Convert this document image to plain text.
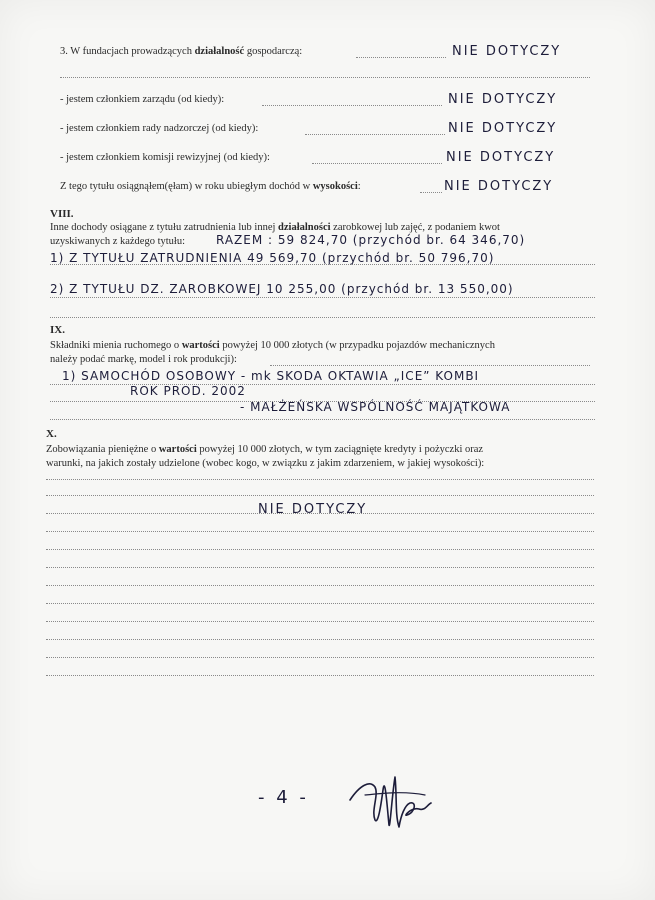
3. W fundacjach prowadzących działalność gospodarczą:	NIE DOTYCZY
- jestem członkiem zarządu (od kiedy):	NIE DOTYCZY
- jestem członkiem rady nadzorczej (od kiedy):	NIE DOTYCZY
- jestem członkiem komisji rewizyjnej (od kiedy):	NIE DOTYCZY
Z tego tytułu osiągnąłem(ęłam) w roku ubiegłym dochód w wysokości:	NIE DOTYCZY
VIII.
Inne dochody osiągane z tytułu zatrudnienia lub innej działalności zarobkowej lub zajęć, z podaniem kwot
uzyskiwanych z każdego tytułu:	RAZEM : 59 824,70 (przychód br. 64 346,70)
1) Z TYTUŁU ZATRUDNIENIA 49 569,70 (przychód br. 50 796,70)
2) Z TYTUŁU DZ. ZAROBKOWEJ 10 255,00 (przychód br. 13 550,00)
IX.
Składniki mienia ruchomego o wartości powyżej 10 000 złotych (w przypadku pojazdów mechanicznych
należy podać markę, model i rok produkcji):
1) SAMOCHÓD OSOBOWY - mk SKODA OKTAWIA „ICE” KOMBI
ROK PROD. 2002
- MAŁŻEŃSKA WSPÓLNOŚĆ MAJĄTKOWA
X.
Zobowiązania pieniężne o wartości powyżej 10 000 złotych, w tym zaciągnięte kredyty i pożyczki oraz
warunki, na jakich zostały udzielone (wobec kogo, w związku z jakim zdarzeniem, w jakiej wysokości):
NIE DOTYCZY
- 4 -
